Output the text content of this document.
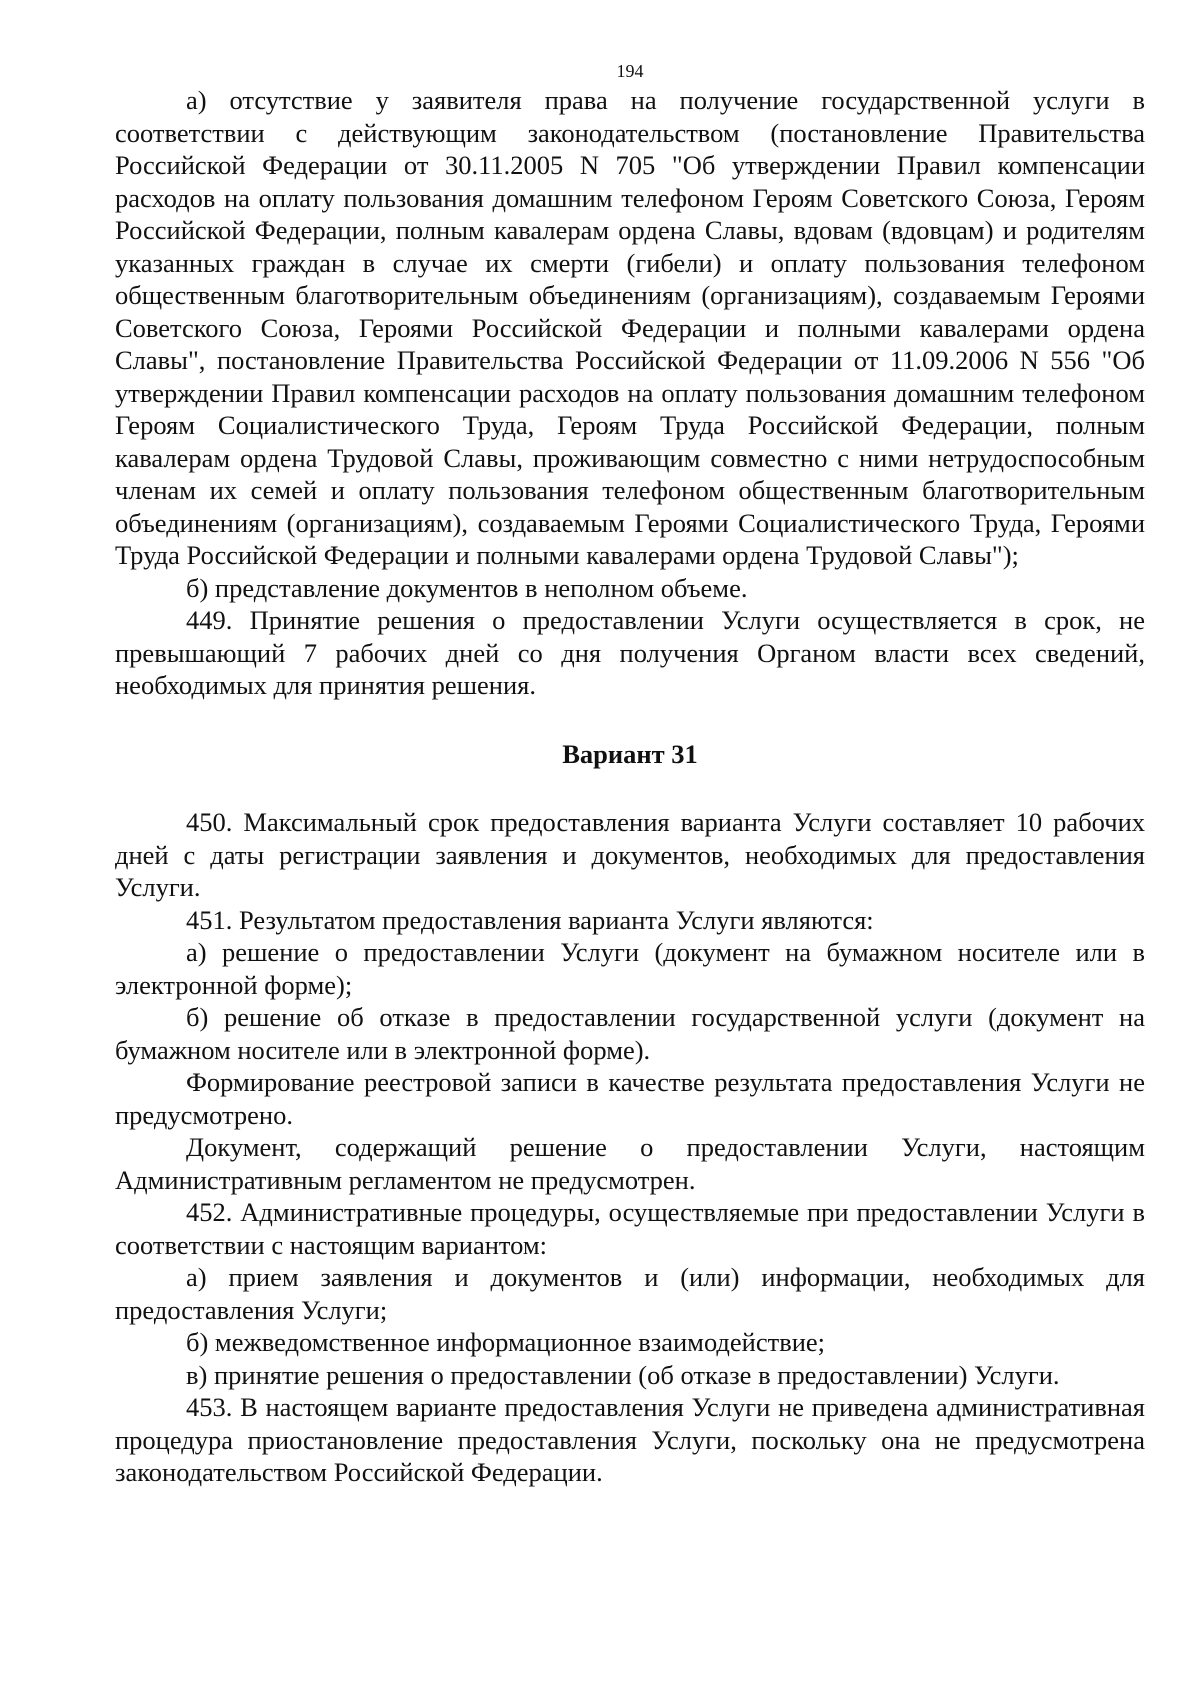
194

а) отсутствие у заявителя права на получение государственной услуги в соответствии с действующим законодательством (постановление Правительства Российской Федерации от 30.11.2005 N 705 "Об утверждении Правил компенсации расходов на оплату пользования домашним телефоном Героям Советского Союза, Героям Российской Федерации, полным кавалерам ордена Славы, вдовам (вдовцам) и родителям указанных граждан в случае их смерти (гибели) и оплату пользования телефоном общественным благотворительным объединениям (организациям), создаваемым Героями Советского Союза, Героями Российской Федерации и полными кавалерами ордена Славы", постановление Правительства Российской Федерации от 11.09.2006 N 556 "Об утверждении Правил компенсации расходов на оплату пользования домашним телефоном Героям Социалистического Труда, Героям Труда Российской Федерации, полным кавалерам ордена Трудовой Славы, проживающим совместно с ними нетрудоспособным членам их семей и оплату пользования телефоном общественным благотворительным объединениям (организациям), создаваемым Героями Социалистического Труда, Героями Труда Российской Федерации и полными кавалерами ордена Трудовой Славы");

б) представление документов в неполном объеме.

449. Принятие решения о предоставлении Услуги осуществляется в срок, не превышающий 7 рабочих дней со дня получения Органом власти всех сведений, необходимых для принятия решения.

Вариант 31

450. Максимальный срок предоставления варианта Услуги составляет 10 рабочих дней с даты регистрации заявления и документов, необходимых для предоставления Услуги.

451. Результатом предоставления варианта Услуги являются:

а) решение о предоставлении Услуги (документ на бумажном носителе или в электронной форме);

б) решение об отказе в предоставлении государственной услуги (документ на бумажном носителе или в электронной форме).

Формирование реестровой записи в качестве результата предоставления Услуги не предусмотрено.

Документ, содержащий решение о предоставлении Услуги, настоящим Административным регламентом не предусмотрен.

452. Административные процедуры, осуществляемые при предоставлении Услуги в соответствии с настоящим вариантом:

а) прием заявления и документов и (или) информации, необходимых для предоставления Услуги;

б) межведомственное информационное взаимодействие;

в) принятие решения о предоставлении (об отказе в предоставлении) Услуги.

453. В настоящем варианте предоставления Услуги не приведена административная процедура приостановление предоставления Услуги, поскольку она не предусмотрена законодательством Российской Федерации.
